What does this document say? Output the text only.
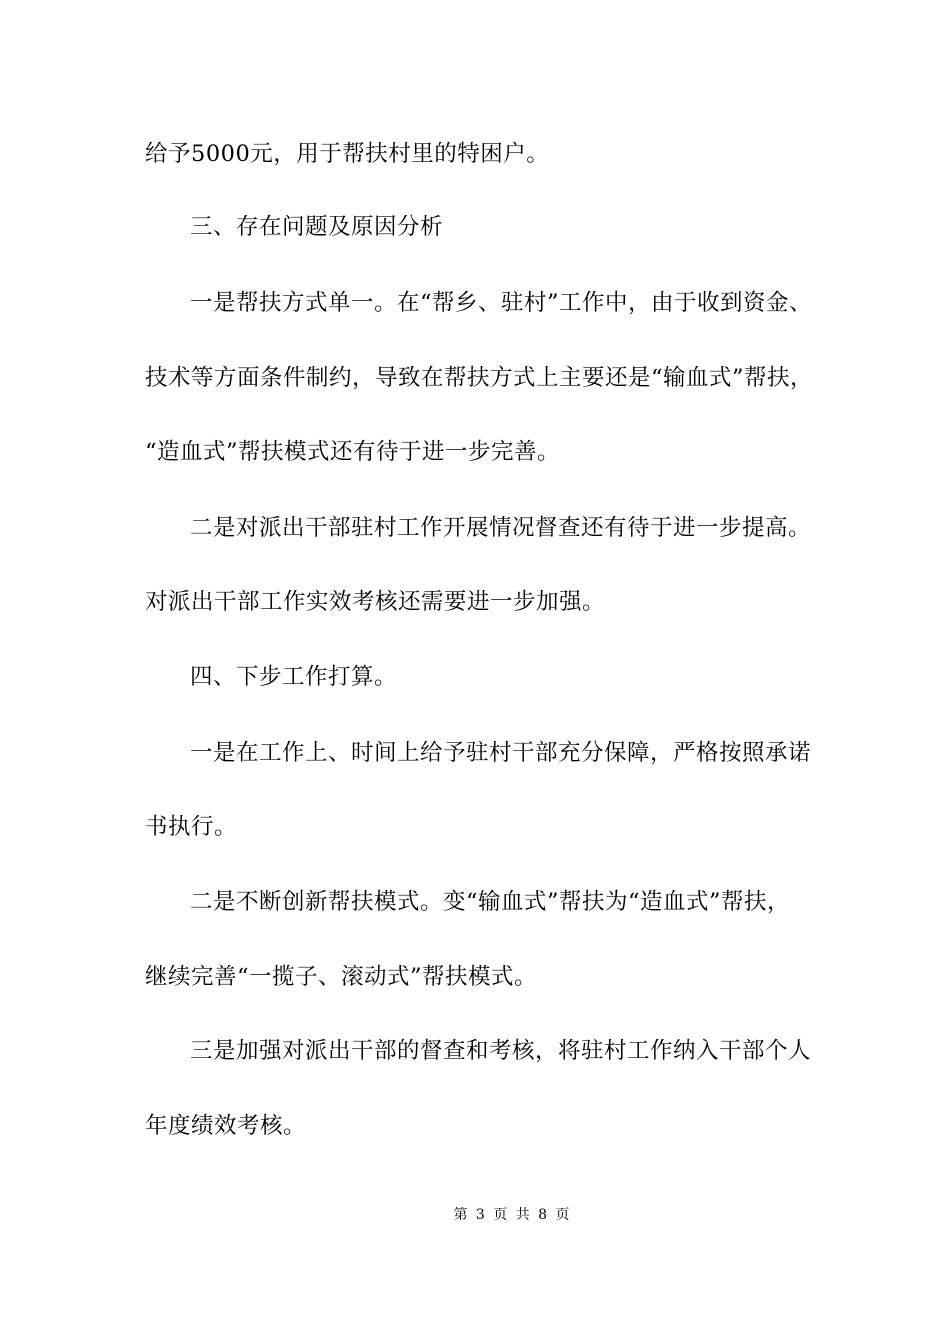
给予5000元，用于帮扶村里的特困户。
三、存在问题及原因分析
一是帮扶方式单一。在“帮乡、驻村”工作中，由于收到资金、
技术等方面条件制约，导致在帮扶方式上主要还是“输血式”帮扶，
“造血式”帮扶模式还有待于进一步完善。
二是对派出干部驻村工作开展情况督查还有待于进一步提高。
对派出干部工作实效考核还需要进一步加强。
四、下步工作打算。
一是在工作上、时间上给予驻村干部充分保障，严格按照承诺
书执行。
二是不断创新帮扶模式。变“输血式”帮扶为“造血式”帮扶，
继续完善“一揽子、滚动式”帮扶模式。
三是加强对派出干部的督查和考核，将驻村工作纳入干部个人
年度绩效考核。
第 3 页 共 8 页
